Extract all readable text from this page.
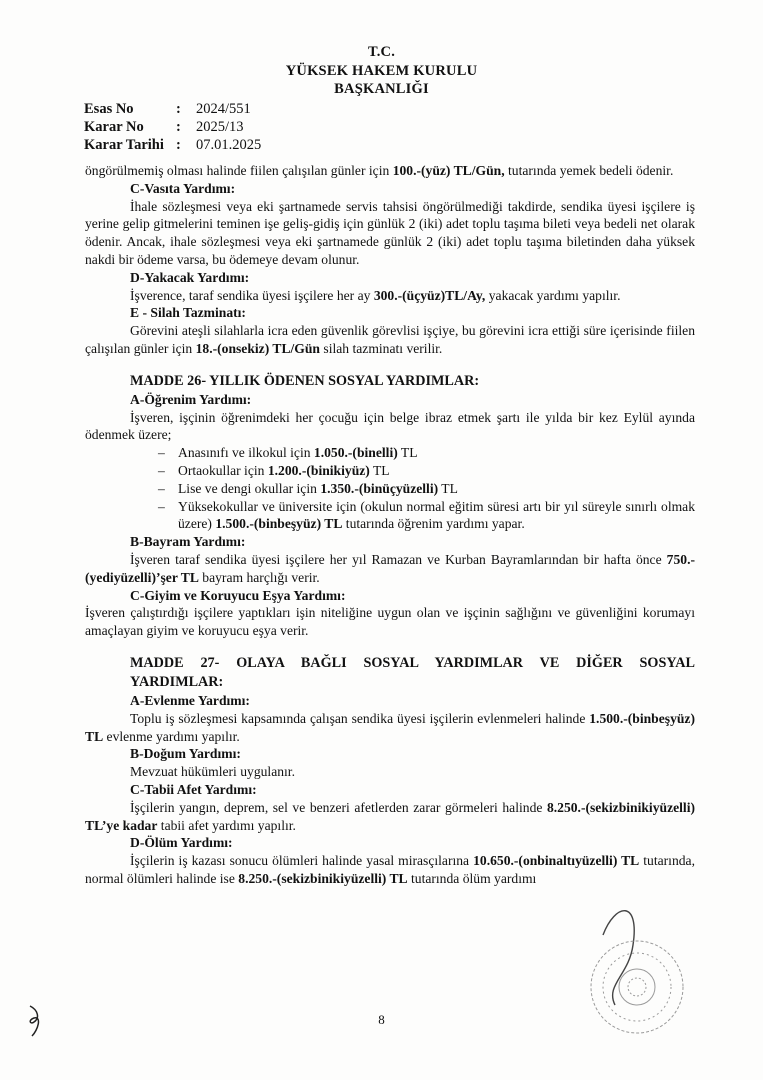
T.C.
YÜKSEK HAKEM KURULU
BAŞKANLIĞI
Esas No	: 2024/551
Karar No : 2025/13
Karar Tarihi : 07.01.2025

öngörülmemiş olması halinde fiilen çalışılan günler için 100.-(yüz) TL/Gün, tutarında yemek bedeli ödenir.

C-Vasıta Yardımı:

İhale sözleşmesi veya eki şartnamede servis tahsisi öngörülmediği takdirde, sendika üyesi işçilere iş yerine gelip gitmelerini teminen işe geliş-gidiş için günlük 2 (iki) adet toplu taşıma bileti veya bedeli net olarak ödenir. Ancak, ihale sözleşmesi veya eki şartnamede günlük 2 (iki) adet toplu taşıma biletinden daha yüksek nakdi bir ödeme varsa, bu ödemeye devam olunur.

D-Yakacak Yardımı:

İşverence, taraf sendika üyesi işçilere her ay 300.-(üçyüz)TL/Ay, yakacak yardımı yapılır.

E - Silah Tazminatı:

Görevini ateşli silahlarla icra eden güvenlik görevlisi işçiye, bu görevini icra ettiği süre içerisinde fiilen çalışılan günler için 18.-(onsekiz) TL/Gün silah tazminatı verilir.

MADDE 26- YILLIK ÖDENEN SOSYAL YARDIMLAR:

A-Öğrenim Yardımı:

İşveren, işçinin öğrenimdeki her çocuğu için belge ibraz etmek şartı ile yılda bir kez Eylül ayında ödenmek üzere;

– Anasınıfı ve ilkokul için 1.050.-(binelli) TL
– Ortaokullar için 1.200.-(binikiyüz) TL
– Lise ve dengi okullar için 1.350.-(binüçyüzelli) TL
– Yüksekokullar ve üniversite için (okulun normal eğitim süresi artı bir yıl süreyle sınırlı olmak üzere) 1.500.-(binbeşyüz) TL tutarında öğrenim yardımı yapar.

B-Bayram Yardımı:

İşveren taraf sendika üyesi işçilere her yıl Ramazan ve Kurban Bayramlarından bir hafta önce 750.-(yediyüzelli)’şer TL bayram harçlığı verir.

C-Giyim ve Koruyucu Eşya Yardımı:

İşveren çalıştırdığı işçilere yaptıkları işin niteliğine uygun olan ve işçinin sağlığını ve güvenliğini korumayı amaçlayan giyim ve koruyucu eşya verir.

MADDE 27- OLAYA BAĞLI SOSYAL YARDIMLAR VE DİĞER SOSYAL

YARDIMLAR:

A-Evlenme Yardımı:

Toplu iş sözleşmesi kapsamında çalışan sendika üyesi işçilerin evlenmeleri halinde 1.500.-(binbeşyüz) TL evlenme yardımı yapılır.

B-Doğum Yardımı:

Mevzuat hükümleri uygulanır.

C-Tabii Afet Yardımı:

İşçilerin yangın, deprem, sel ve benzeri afetlerden zarar görmeleri halinde 8.250.-(sekizbinikiyüzelli) TL’ye kadar tabii afet yardımı yapılır.

D-Ölüm Yardımı:

İşçilerin iş kazası sonucu ölümleri halinde yasal mirasçılarına 10.650.-(onbinaltıyüzelli) TL tutarında, normal ölümleri halinde ise 8.250.-(sekizbinikiyüzelli) TL tutarında ölüm yardımı

8
